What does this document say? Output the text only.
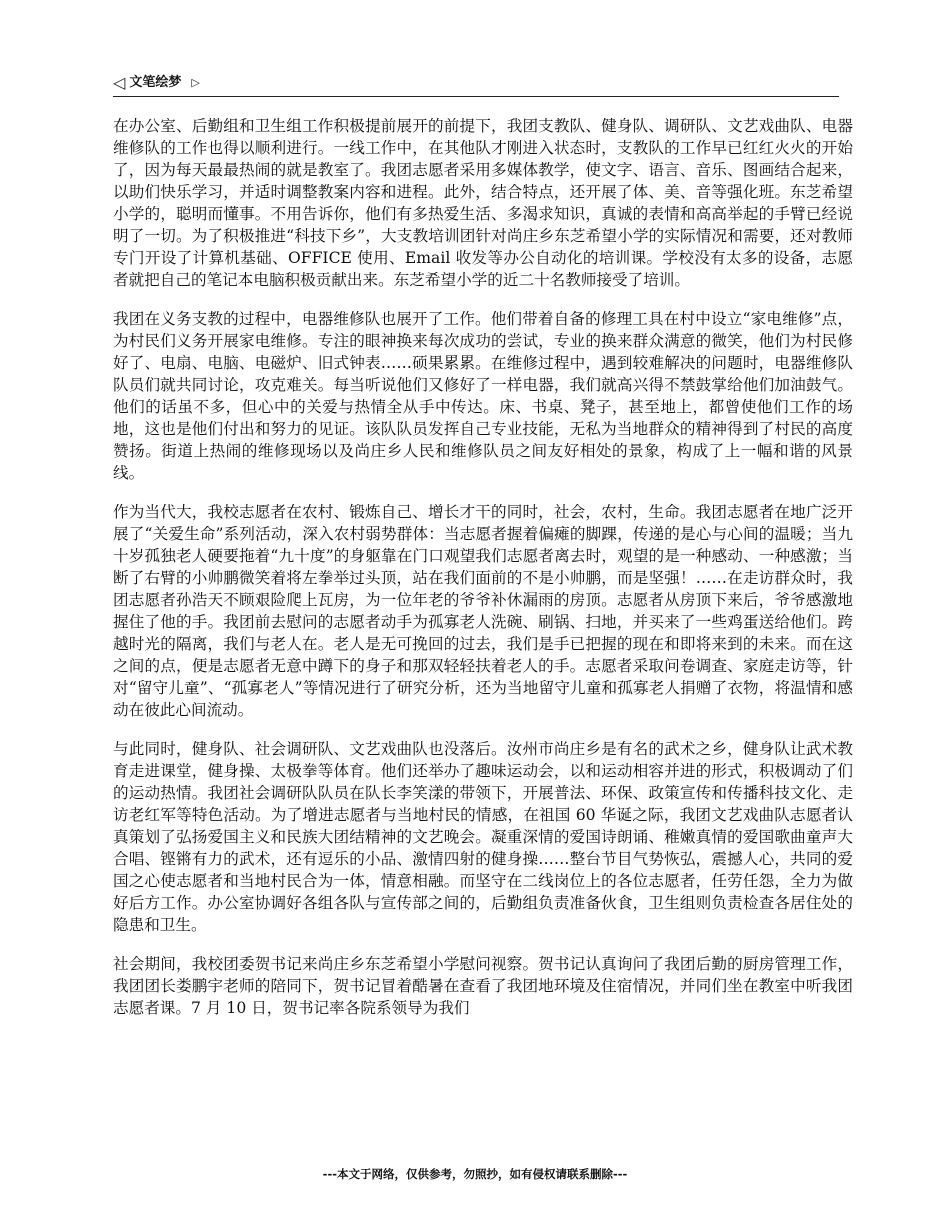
◁ 文笔绘梦 ▷

在办公室、后勤组和卫生组工作积极提前展开的前提下，我团支教队、健身队、调研队、文艺戏曲队、电器维修队的工作也得以顺利进行。一线工作中，在其他队才刚进入状态时，支教队的工作早已红红火火的开始了，因为每天最最热闹的就是教室了。我团志愿者采用多媒体教学，使文字、语言、音乐、图画结合起来，以助们快乐学习，并适时调整教案内容和进程。此外，结合特点，还开展了体、美、音等强化班。东芝希望小学的，聪明而懂事。不用告诉你，他们有多热爱生活、多渴求知识，真诚的表情和高高举起的手臂已经说明了一切。为了积极推进“科技下乡”，大支教培训团针对尚庄乡东芝希望小学的实际情况和需要，还对教师专门开设了计算机基础、OFFICE 使用、Email 收发等办公自动化的培训课。学校没有太多的设备，志愿者就把自己的笔记本电脑积极贡献出来。东芝希望小学的近二十名教师接受了培训。

我团在义务支教的过程中，电器维修队也展开了工作。他们带着自备的修理工具在村中设立“家电维修”点，为村民们义务开展家电维修。专注的眼神换来每次成功的尝试，专业的换来群众满意的微笑，他们为村民修好了、电扇、电脑、电磁炉、旧式钟表……硕果累累。在维修过程中，遇到较难解决的问题时，电器维修队队员们就共同讨论，攻克难关。每当听说他们又修好了一样电器，我们就高兴得不禁鼓掌给他们加油鼓气。他们的话虽不多，但心中的关爱与热情全从手中传达。床、书桌、凳子，甚至地上，都曾使他们工作的场地，这也是他们付出和努力的见证。该队队员发挥自己专业技能，无私为当地群众的精神得到了村民的高度赞扬。街道上热闹的维修现场以及尚庄乡人民和维修队员之间友好相处的景象，构成了上一幅和谐的风景线。

作为当代大，我校志愿者在农村、锻炼自己、增长才干的同时，社会，农村，生命。我团志愿者在地广泛开展了“关爱生命”系列活动，深入农村弱势群体：当志愿者握着偏瘫的脚踝，传递的是心与心间的温暖；当九十岁孤独老人硬要拖着“九十度”的身躯靠在门口观望我们志愿者离去时，观望的是一种感动、一种感激；当断了右臂的小帅鹏微笑着将左拳举过头顶，站在我们面前的不是小帅鹏，而是坚强！……在走访群众时，我团志愿者孙浩天不顾艰险爬上瓦房，为一位年老的爷爷补休漏雨的房顶。志愿者从房顶下来后，爷爷感激地握住了他的手。我团前去慰问的志愿者动手为孤寡老人洗碗、刷锅、扫地，并买来了一些鸡蛋送给他们。跨越时光的隔离，我们与老人在。老人是无可挽回的过去，我们是手已把握的现在和即将来到的未来。而在这之间的点，便是志愿者无意中蹲下的身子和那双轻轻扶着老人的手。志愿者采取问卷调查、家庭走访等，针对“留守儿童”、“孤寡老人”等情况进行了研究分析，还为当地留守儿童和孤寡老人捐赠了衣物，将温情和感动在彼此心间流动。

与此同时，健身队、社会调研队、文艺戏曲队也没落后。汝州市尚庄乡是有名的武术之乡，健身队让武术教育走进课堂，健身操、太极拳等体育。他们还举办了趣味运动会，以和运动相容并进的形式，积极调动了们的运动热情。我团社会调研队队员在队长李笑漾的带领下，开展普法、环保、政策宣传和传播科技文化、走访老红军等特色活动。为了增进志愿者与当地村民的情感，在祖国 60 华诞之际，我团文艺戏曲队志愿者认真策划了弘扬爱国主义和民族大团结精神的文艺晚会。凝重深情的爱国诗朗诵、稚嫩真情的爱国歌曲童声大合唱、铿锵有力的武术，还有逗乐的小品、激情四射的健身操……整台节目气势恢弘，震撼人心，共同的爱国之心使志愿者和当地村民合为一体，情意相融。而坚守在二线岗位上的各位志愿者，任劳任怨，全力为做好后方工作。办公室协调好各组各队与宣传部之间的，后勤组负责准备伙食，卫生组则负责检查各居住处的隐患和卫生。

社会期间，我校团委贺书记来尚庄乡东芝希望小学慰问视察。贺书记认真询问了我团后勤的厨房管理工作，我团团长娄鹏宇老师的陪同下，贺书记冒着酷暑在查看了我团地环境及住宿情况，并同们坐在教室中听我团志愿者课。7 月 10 日，贺书记率各院系领导为我们

---本文于网络，仅供参考，勿照抄，如有侵权请联系删除---
